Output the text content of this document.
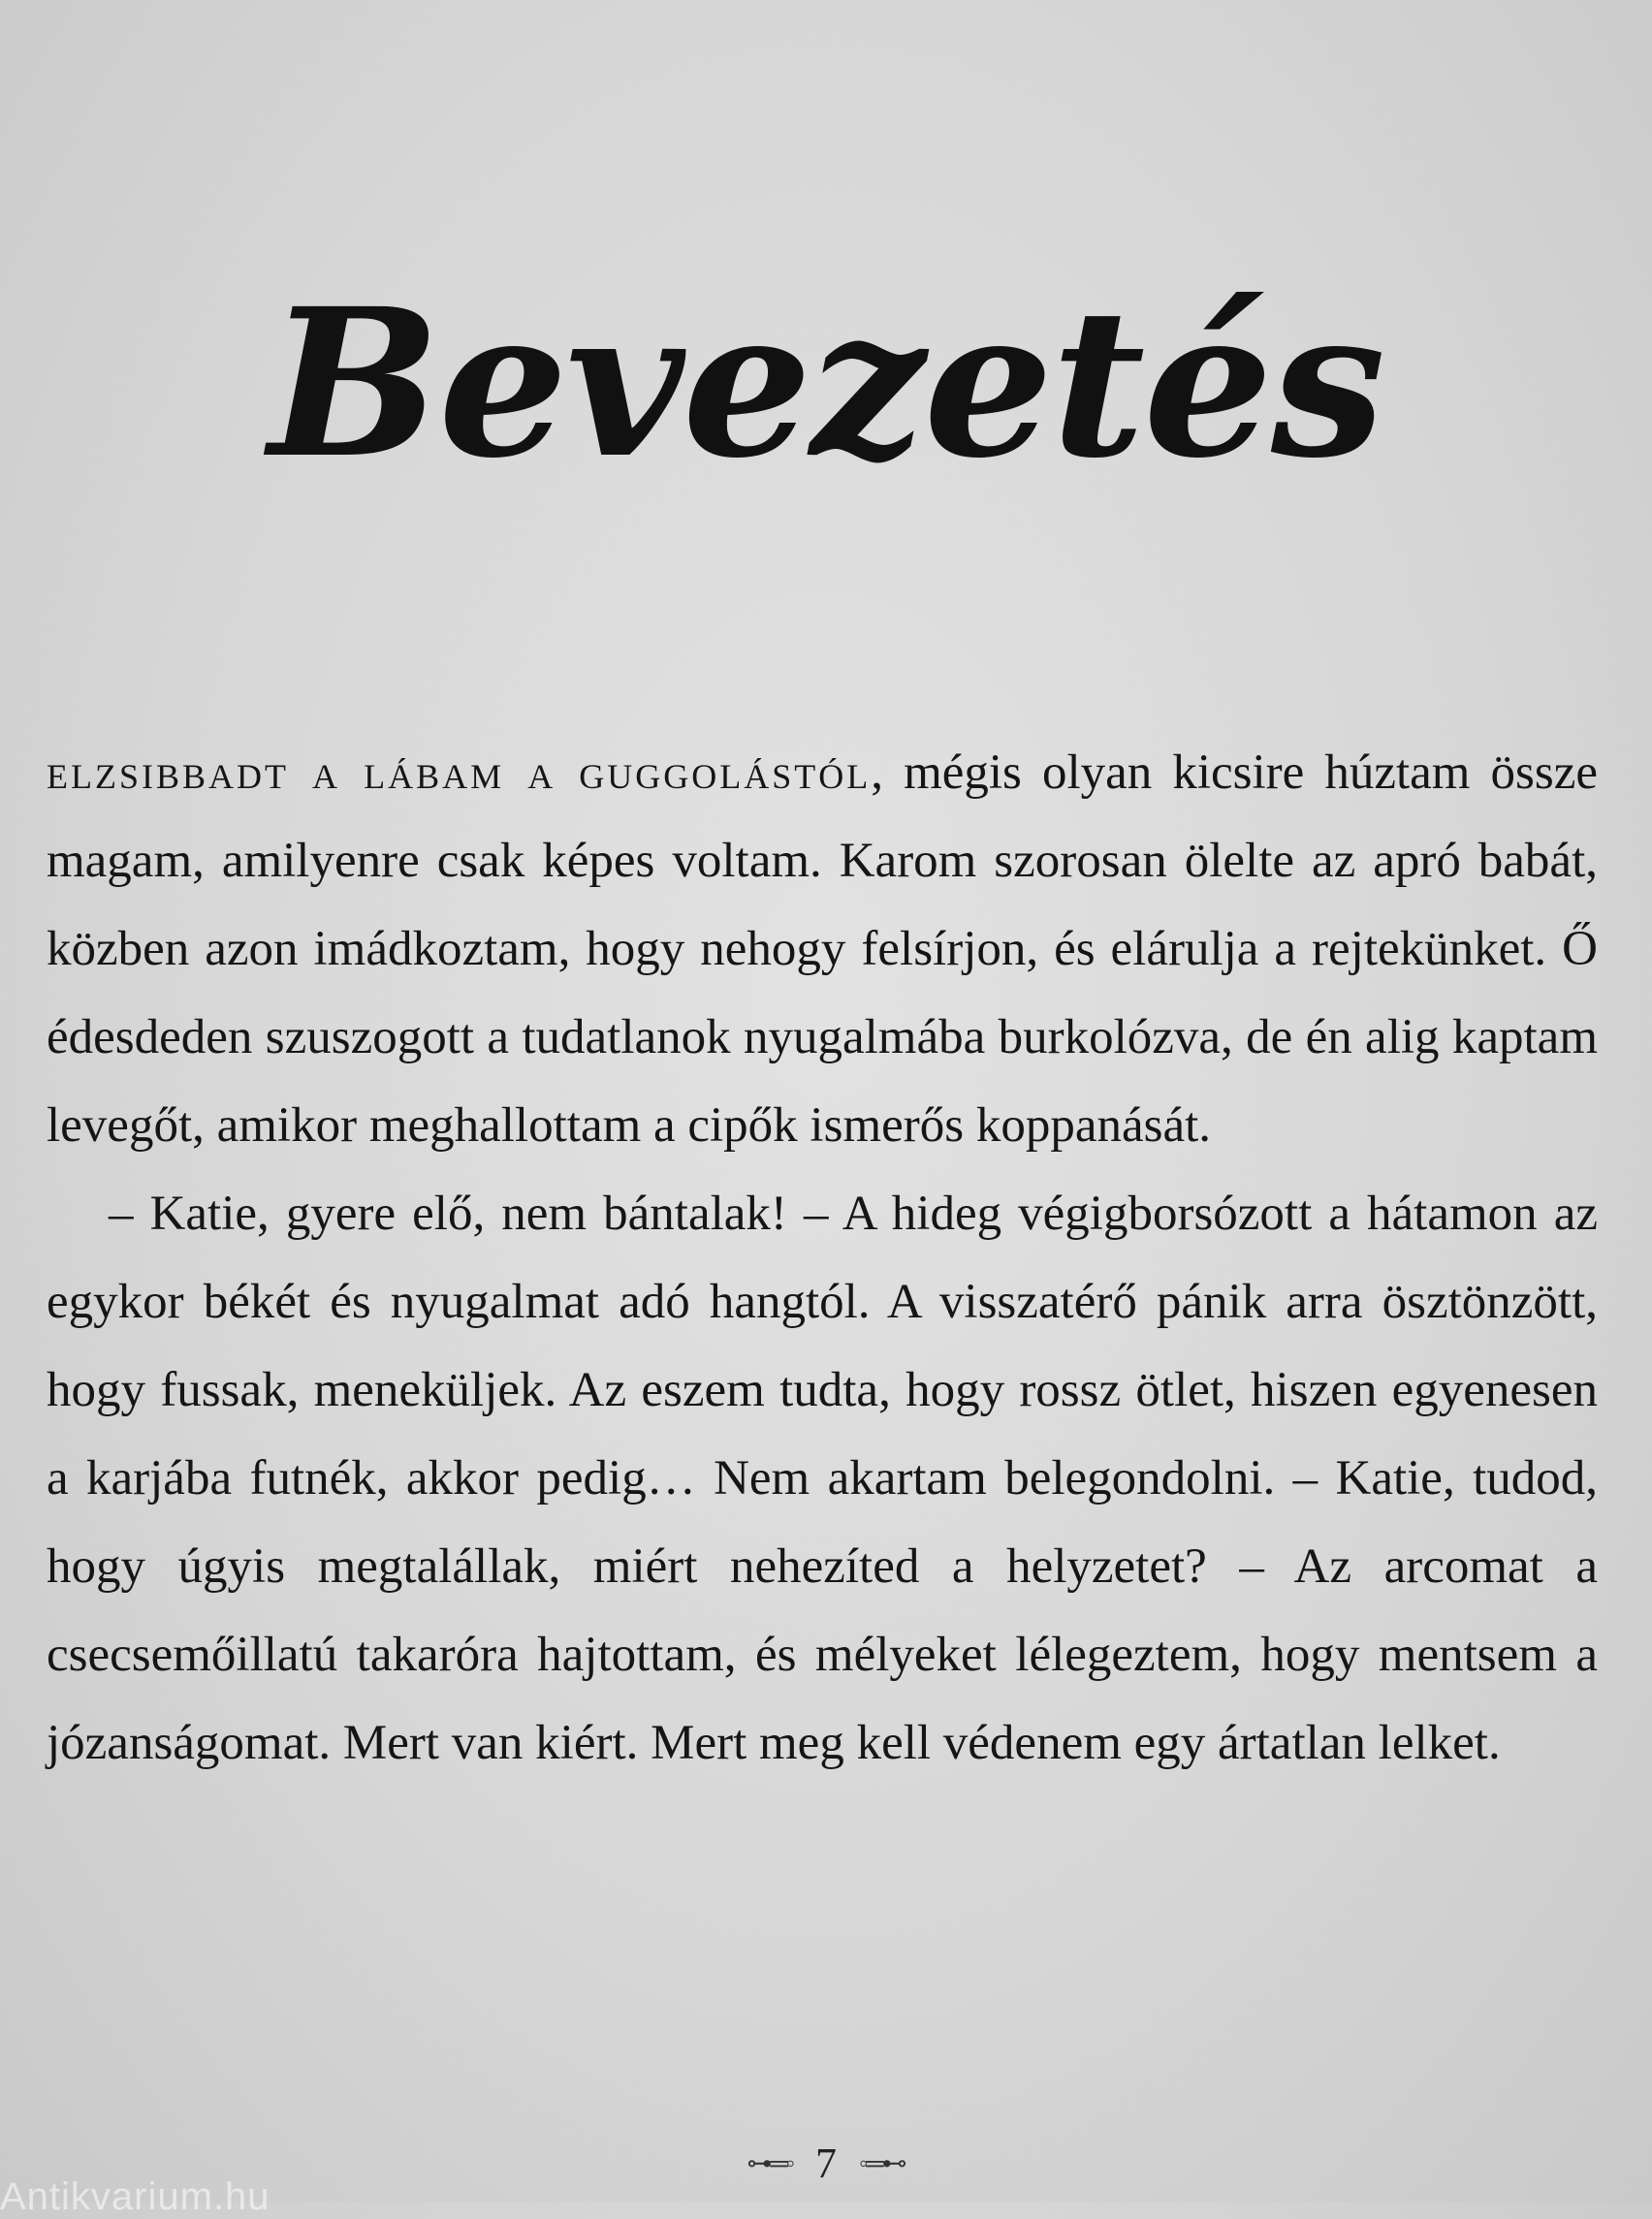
Bevezetés

elzsibbadt a lábam a guggolástól, mégis olyan kicsire húztam össze magam, amilyenre csak képes voltam. Karom szorosan ölelte az apró babát, közben azon imádkoztam, hogy nehogy felsírjon, és elárulja a rejtekünket. Ő édesdeden szuszogott a tudatlanok nyugalmába burkolózva, de én alig kaptam levegőt, amikor meghallottam a cipők ismerős koppanását.

– Katie, gyere elő, nem bántalak! – A hideg végigborsózott a hátamon az egykor békét és nyugalmat adó hangtól. A visszatérő pánik arra ösztönzött, hogy fussak, meneküljek. Az eszem tudta, hogy rossz ötlet, hiszen egyenesen a karjába futnék, akkor pedig… Nem akartam belegondolni. – Katie, tudod, hogy úgyis megtalállak, miért nehezíted a helyzetet? – Az arcomat a csecsemőillatú takaróra hajtottam, és mélyeket lélegeztem, hogy mentsem a józanságomat. Mert van kiért. Mert meg kell védenem egy ártatlan lelket.

⊶═◦ 7 ◦═⊷
Antikvarium.hu
